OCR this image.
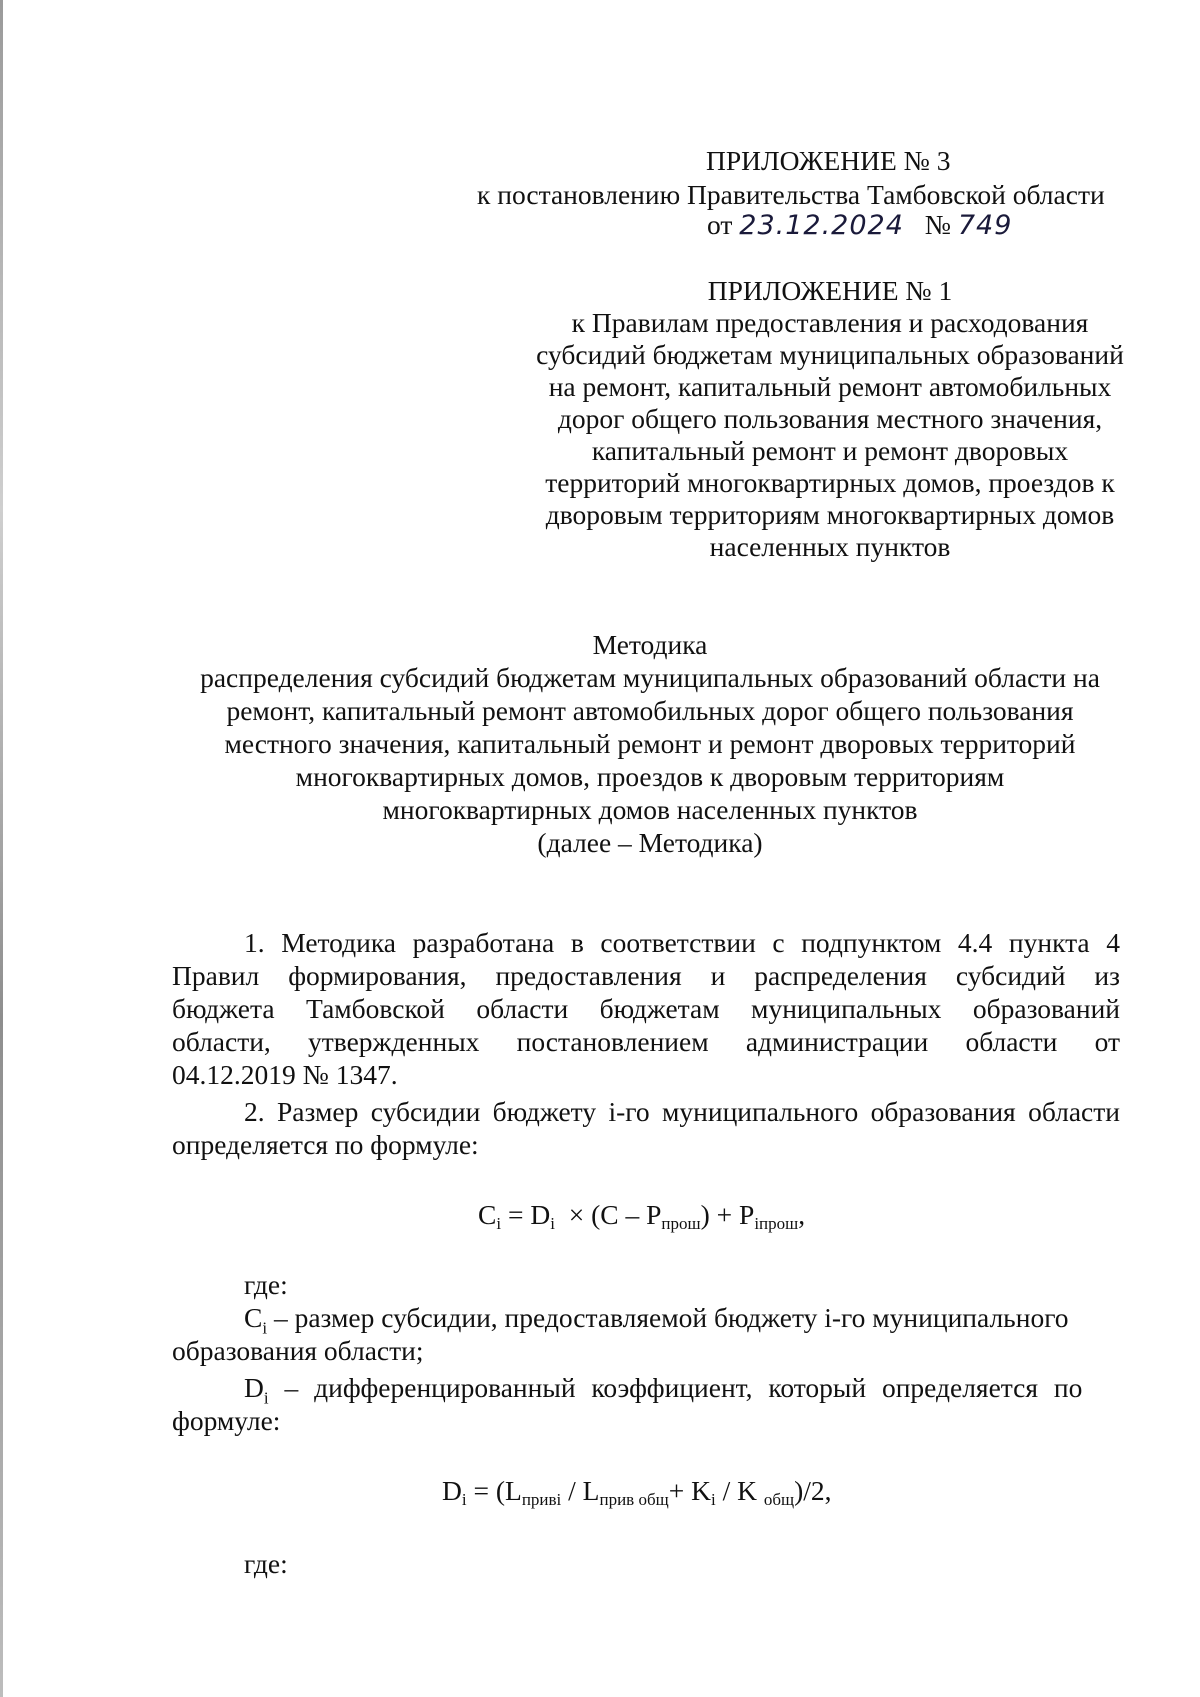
ПРИЛОЖЕНИЕ № 3
к постановлению Правительства Тамбовской области
от 23.12.2024 № 749
ПРИЛОЖЕНИЕ № 1
к Правилам предоставления и расходования
субсидий бюджетам муниципальных образований
на ремонт, капитальный ремонт автомобильных
дорог общего пользования местного значения,
капитальный ремонт и ремонт дворовых
территорий многоквартирных домов, проездов к
дворовым территориям многоквартирных домов
населенных пунктов
Методика
распределения субсидий бюджетам муниципальных образований области на
ремонт, капитальный ремонт автомобильных дорог общего пользования
местного значения, капитальный ремонт и ремонт дворовых территорий
многоквартирных домов, проездов к дворовым территориям
многоквартирных домов населенных пунктов
(далее – Методика)
1. Методика разработана в соответствии с подпунктом 4.4 пункта 4
Правил формирования, предоставления и распределения субсидий из
бюджета Тамбовской области бюджетам муниципальных образований
области, утвержденных постановлением администрации области от
04.12.2019 № 1347.
2. Размер субсидии бюджету i-го муниципального образования области
определяется по формуле:
$C_i = D_i \times (C - P_{прош}) + P_{iпрош}$,
где:
$C_i$ – размер субсидии, предоставляемой бюджету i-го муниципального
образования области;
$D_i$ – дифференцированный коэффициент, который определяется по
формуле:
$D_i = (L_{привi} / L_{прив общ}+ K_i / K$ $_{общ}$)/2,
где:
